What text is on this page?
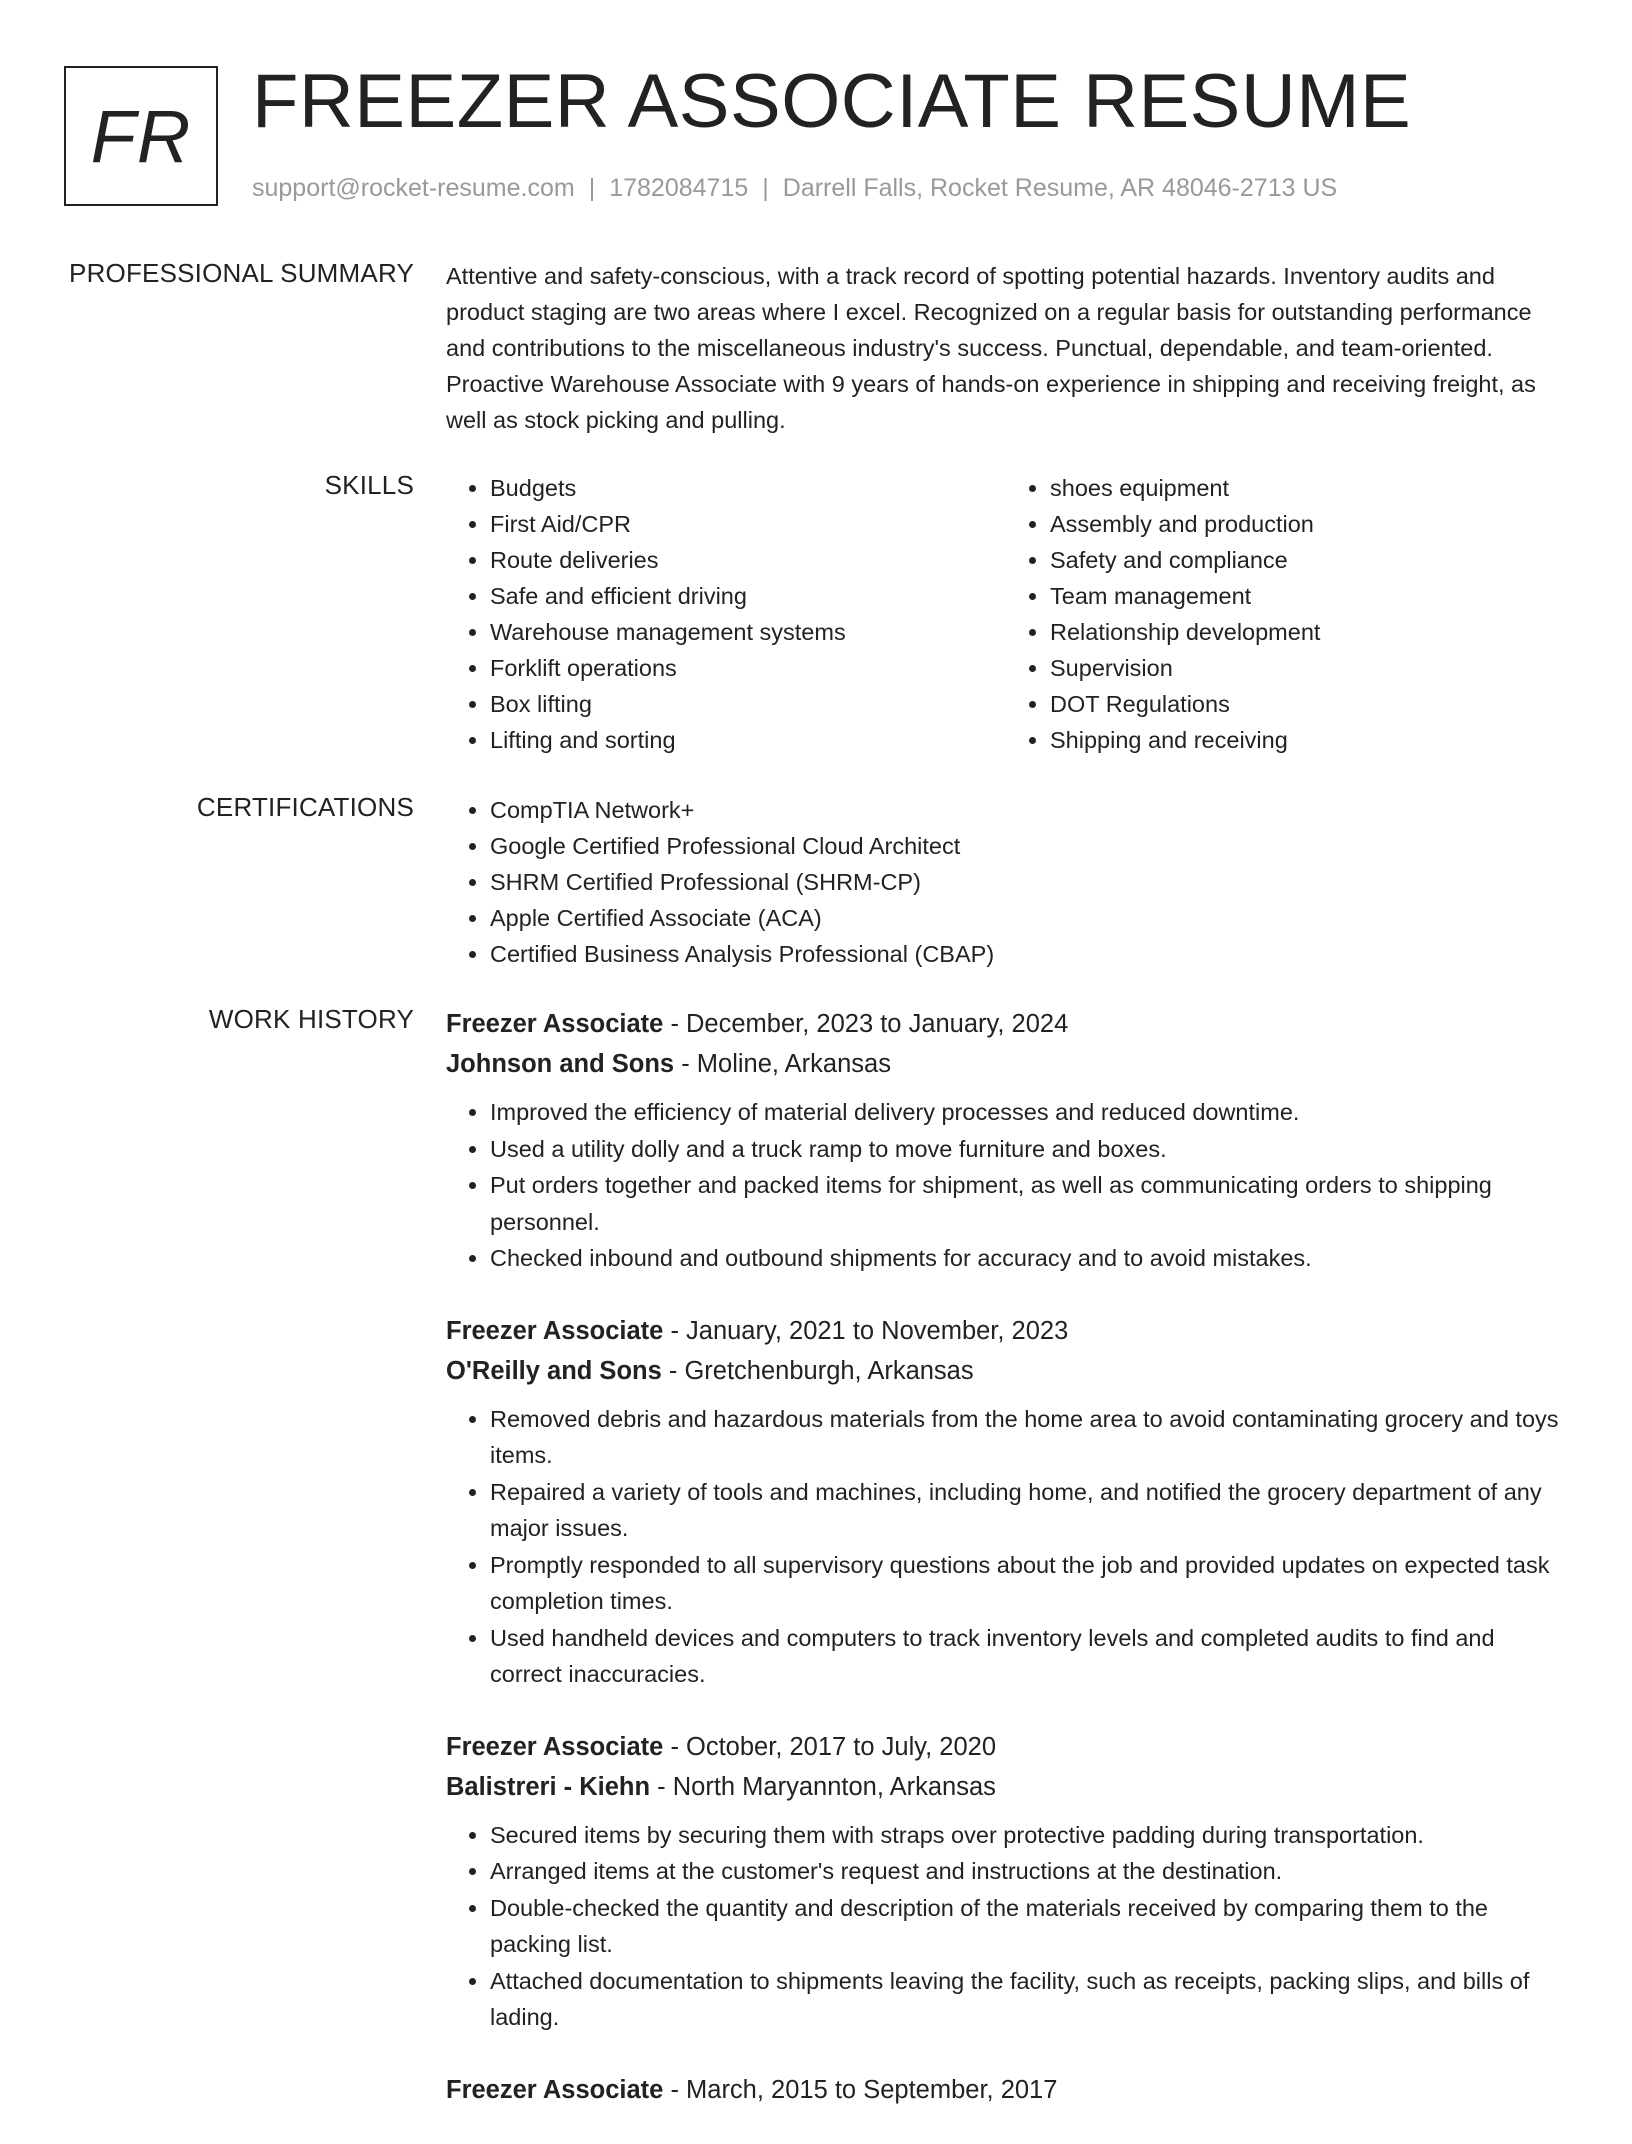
FR FREEZER ASSOCIATE RESUME
support@rocket-resume.com | 1782084715 | Darrell Falls, Rocket Resume, AR 48046-2713 US
PROFESSIONAL SUMMARY Attentive and safety-conscious, with a track record of spotting potential hazards. Inventory audits and product staging are two areas where I excel. Recognized on a regular basis for outstanding performance and contributions to the miscellaneous industry's success. Punctual, dependable, and team-oriented. Proactive Warehouse Associate with 9 years of hands-on experience in shipping and receiving freight, as well as stock picking and pulling.

SKILLS	• Budgets
• First Aid/CPR
• Route deliveries
• Safe and efficient driving
• Warehouse management systems
• Forklift operations
• Box lifting
• Lifting and sorting
• shoes equipment
• Assembly and production
• Safety and compliance
• Team management
• Relationship development
• Supervision
• DOT Regulations
• Shipping and receiving
CERTIFICATIONS	• CompTIA Network+
• Google Certified Professional Cloud Architect
• SHRM Certified Professional (SHRM-CP)
• Apple Certified Associate (ACA)
• Certified Business Analysis Professional (CBAP)
WORK HISTORY Freezer Associate - December, 2023 to January, 2024
Johnson and Sons - Moline, Arkansas
• Improved the efficiency of material delivery processes and reduced downtime.
• Used a utility dolly and a truck ramp to move furniture and boxes.
• Put orders together and packed items for shipment, as well as communicating orders to shipping personnel.
• Checked inbound and outbound shipments for accuracy and to avoid mistakes.
Freezer Associate - January, 2021 to November, 2023
O'Reilly and Sons - Gretchenburgh, Arkansas
• Removed debris and hazardous materials from the home area to avoid contaminating grocery and toys items.
• Repaired a variety of tools and machines, including home, and notified the grocery department of any major issues.
• Promptly responded to all supervisory questions about the job and provided updates on expected task completion times.
• Used handheld devices and computers to track inventory levels and completed audits to find and correct inaccuracies.
Freezer Associate - October, 2017 to July, 2020
Balistreri - Kiehn - North Maryannton, Arkansas
• Secured items by securing them with straps over protective padding during transportation.
• Arranged items at the customer's request and instructions at the destination.
• Double-checked the quantity and description of the materials received by comparing them to the packing list.
• Attached documentation to shipments leaving the facility, such as receipts, packing slips, and bills of lading.
Freezer Associate - March, 2015 to September, 2017
